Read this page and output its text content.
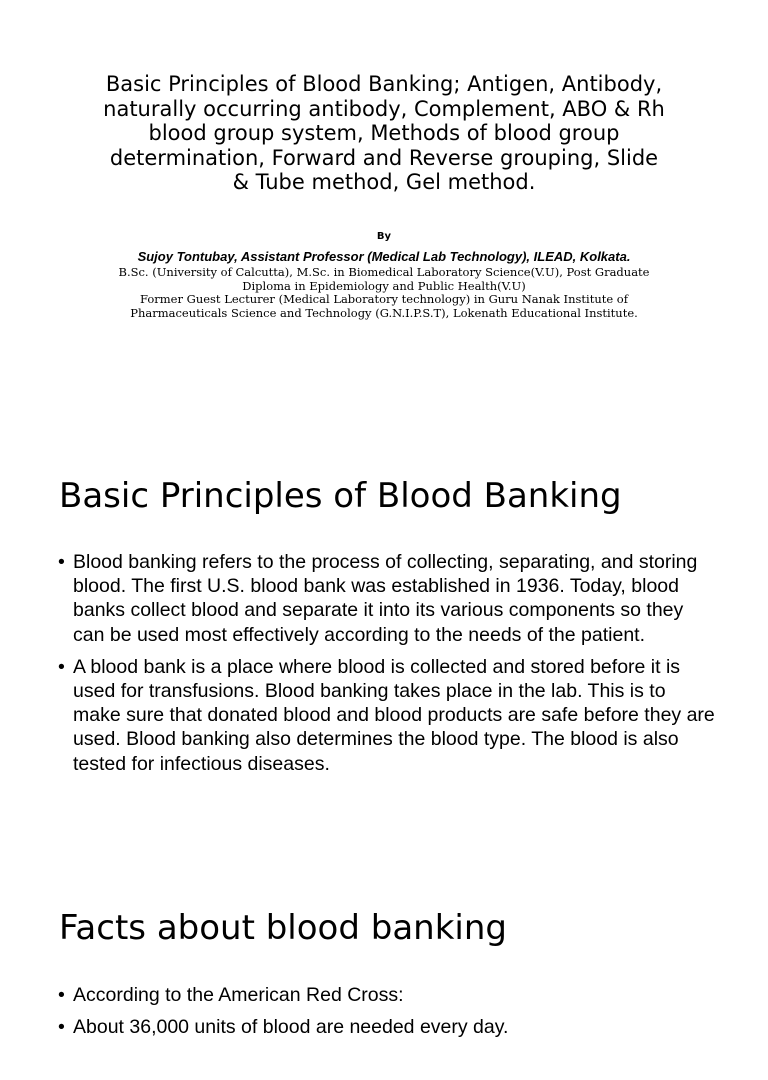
Basic Principles of Blood Banking; Antigen, Antibody, naturally occurring antibody, Complement, ABO & Rh blood group system, Methods of blood group determination, Forward and Reverse grouping, Slide & Tube method, Gel method.
By
Sujoy Tontubay, Assistant Professor (Medical Lab Technology), ILEAD, Kolkata.
B.Sc. (University of Calcutta), M.Sc. in Biomedical Laboratory Science(V.U), Post Graduate Diploma in Epidemiology and Public Health(V.U)
Former Guest Lecturer (Medical Laboratory technology) in Guru Nanak Institute of Pharmaceuticals Science and Technology (G.N.I.P.S.T), Lokenath Educational Institute.
Basic Principles of Blood Banking
• Blood banking refers to the process of collecting, separating, and storing blood. The first U.S. blood bank was established in 1936. Today, blood banks collect blood and separate it into its various components so they can be used most effectively according to the needs of the patient.
• A blood bank is a place where blood is collected and stored before it is used for transfusions. Blood banking takes place in the lab. This is to make sure that donated blood and blood products are safe before they are used. Blood banking also determines the blood type. The blood is also tested for infectious diseases.
Facts about blood banking
• According to the American Red Cross:
• About 36,000 units of blood are needed every day.
